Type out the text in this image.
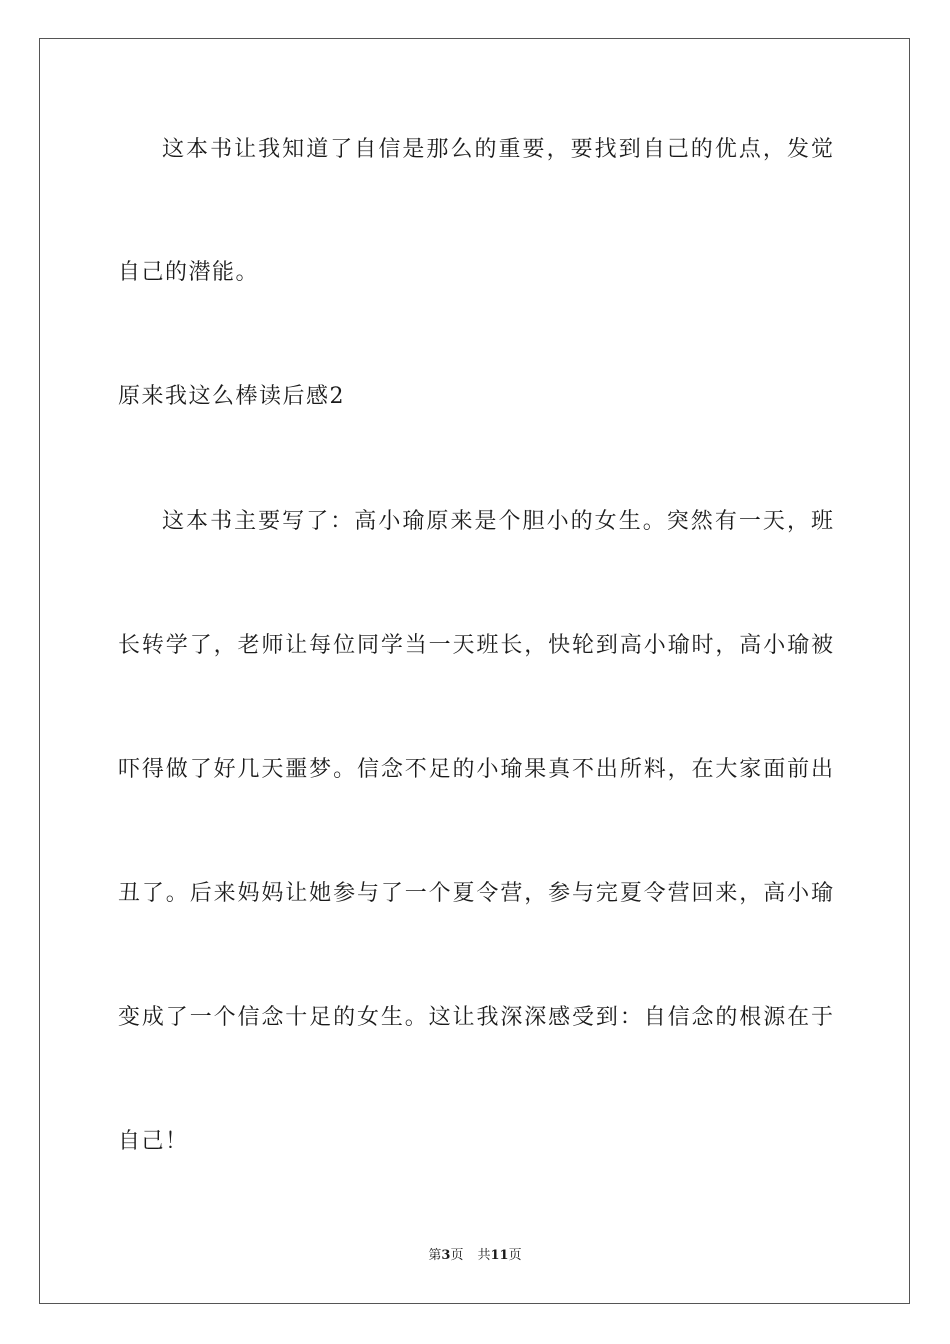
这本书让我知道了自信是那么的重要，要找到自己的优点，发觉
自己的潜能。
原来我这么棒读后感2
这本书主要写了：高小瑜原来是个胆小的女生。突然有一天，班
长转学了，老师让每位同学当一天班长，快轮到高小瑜时，高小瑜被
吓得做了好几天噩梦。信念不足的小瑜果真不出所料，在大家面前出
丑了。后来妈妈让她参与了一个夏令营，参与完夏令营回来，高小瑜
变成了一个信念十足的女生。这让我深深感受到：自信念的根源在于
自己！
第3页 共11页
